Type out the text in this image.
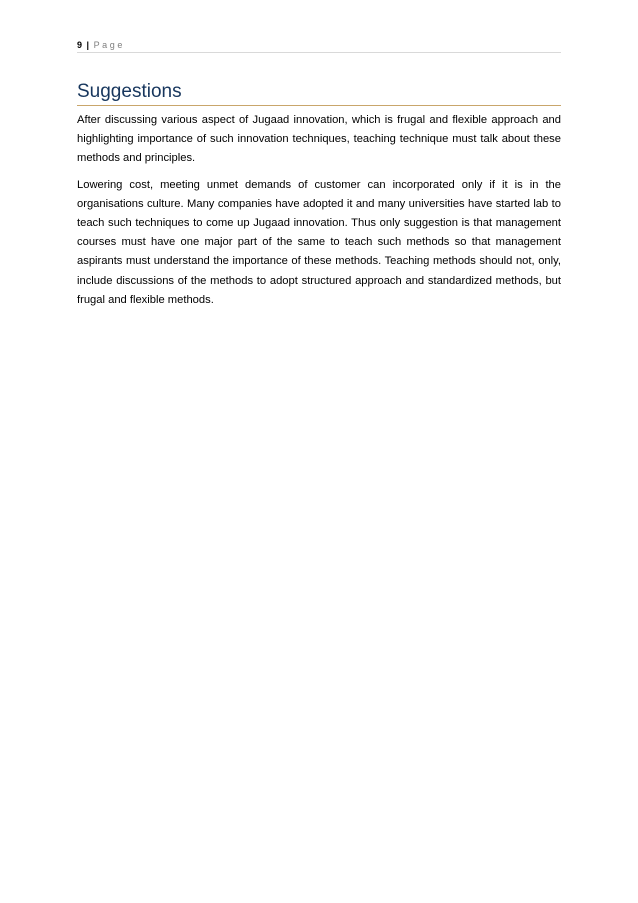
9 | Page
Suggestions

After discussing various aspect of Jugaad innovation, which is frugal and flexible approach and highlighting importance of such innovation techniques, teaching technique must talk about these methods and principles.

Lowering cost, meeting unmet demands of customer can incorporated only if it is in the organisations culture. Many companies have adopted it and many universities have started lab to teach such techniques to come up Jugaad innovation. Thus only suggestion is that management courses must have one major part of the same to teach such methods so that management aspirants must understand the importance of these methods. Teaching methods should not, only, include discussions of the methods to adopt structured approach and standardized methods, but frugal and flexible methods.
